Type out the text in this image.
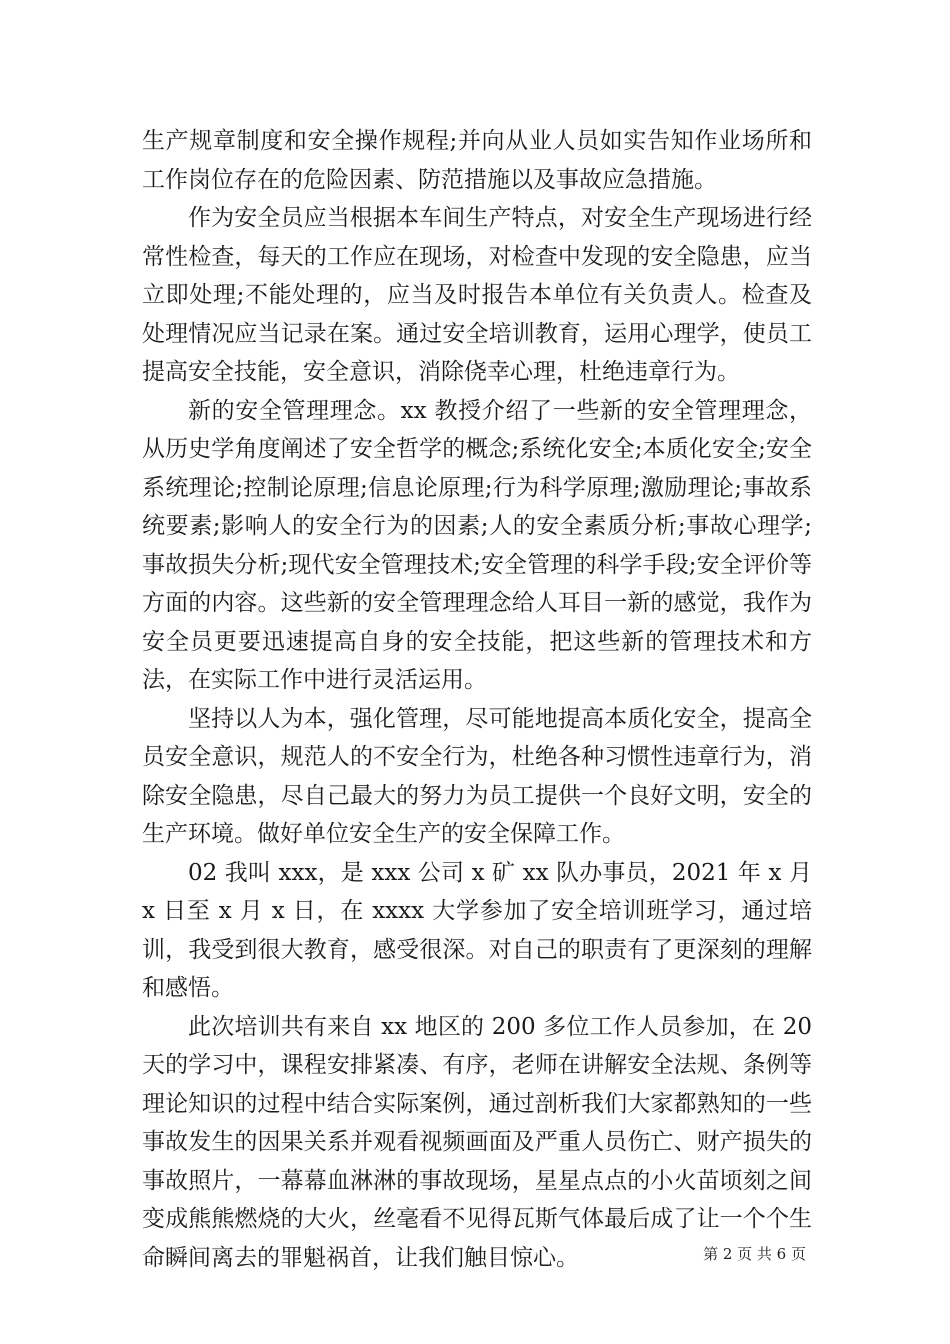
生产规章制度和安全操作规程;并向从业人员如实告知作业场所和工作岗位存在的危险因素、防范措施以及事故应急措施。

作为安全员应当根据本车间生产特点，对安全生产现场进行经常性检查，每天的工作应在现场，对检查中发现的安全隐患，应当立即处理;不能处理的，应当及时报告本单位有关负责人。检查及处理情况应当记录在案。通过安全培训教育，运用心理学，使员工提高安全技能，安全意识，消除侥幸心理，杜绝违章行为。

新的安全管理理念。xx 教授介绍了一些新的安全管理理念，从历史学角度阐述了安全哲学的概念;系统化安全;本质化安全;安全系统理论;控制论原理;信息论原理;行为科学原理;激励理论;事故系统要素;影响人的安全行为的因素;人的安全素质分析;事故心理学;事故损失分析;现代安全管理技术;安全管理的科学手段;安全评价等方面的内容。这些新的安全管理理念给人耳目一新的感觉，我作为安全员更要迅速提高自身的安全技能，把这些新的管理技术和方法，在实际工作中进行灵活运用。

坚持以人为本，强化管理，尽可能地提高本质化安全，提高全员安全意识，规范人的不安全行为，杜绝各种习惯性违章行为，消除安全隐患，尽自己最大的努力为员工提供一个良好文明，安全的生产环境。做好单位安全生产的安全保障工作。

02 我叫 xxx，是 xxx 公司 x 矿 xx 队办事员，2021 年 x 月 x 日至 x 月 x 日，在 xxxx 大学参加了安全培训班学习，通过培训，我受到很大教育，感受很深。对自己的职责有了更深刻的理解和感悟。

此次培训共有来自 xx 地区的 200 多位工作人员参加，在 20 天的学习中，课程安排紧凑、有序，老师在讲解安全法规、条例等理论知识的过程中结合实际案例，通过剖析我们大家都熟知的一些事故发生的因果关系并观看视频画面及严重人员伤亡、财产损失的事故照片，一幕幕血淋淋的事故现场，星星点点的小火苗顷刻之间变成熊熊燃烧的大火，丝毫看不见得瓦斯气体最后成了让一个个生命瞬间离去的罪魁祸首，让我们触目惊心。	第 2 页 共 6 页
